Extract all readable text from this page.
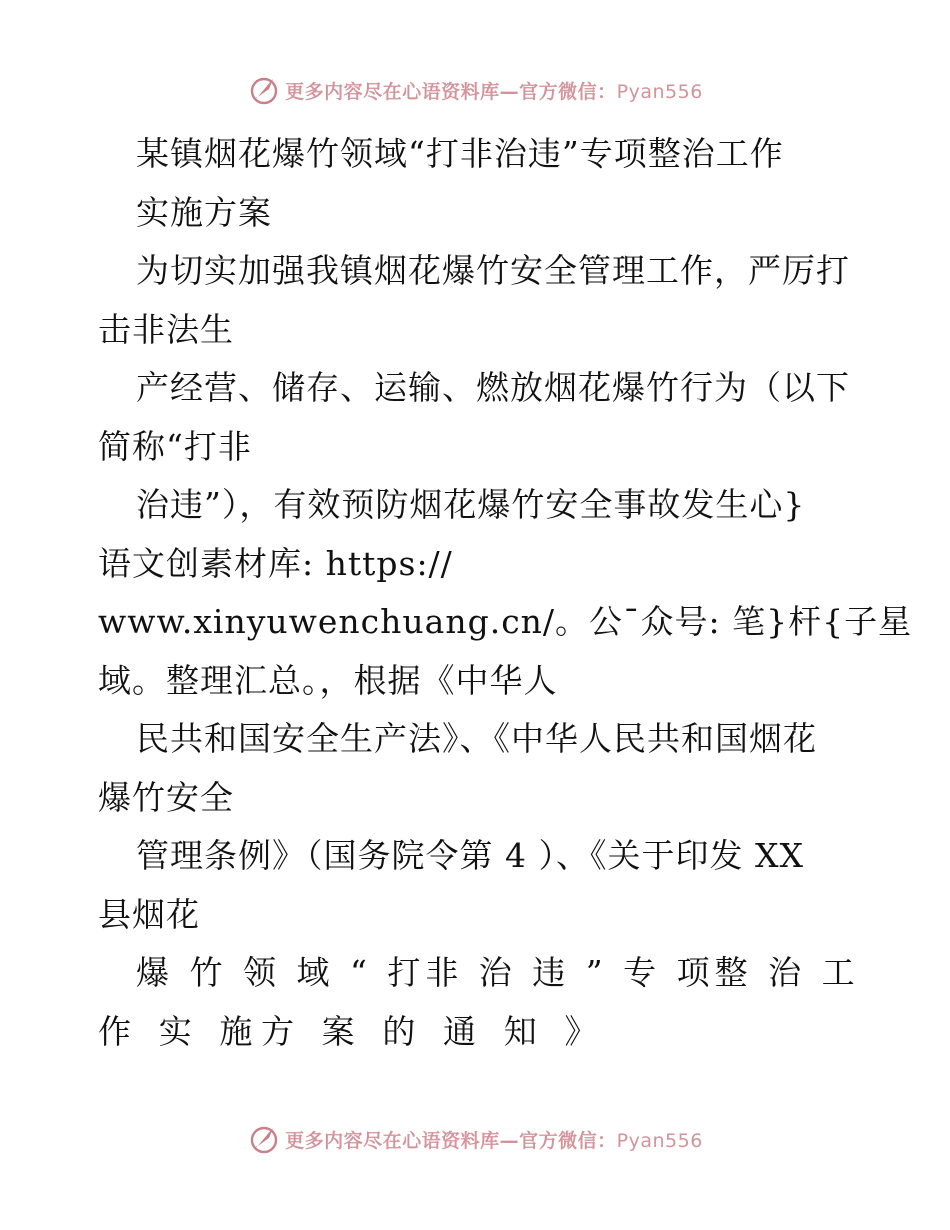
更多内容尽在心语资料库—官方微信：Pyan556
某镇烟花爆竹领域“打非治违”专项整治工作
实施方案
为切实加强我镇烟花爆竹安全管理工作，严厉打
击非法生
产经营、储存、运输、燃放烟花爆竹行为（以下
简称“打非
治违”），有效预防烟花爆竹安全事故发生心}
语文创素材库: https://
www.xinyuwenchuang.cn/。公¯众号: 笔}杆{子星
域。整理汇总。，根据《中华人
民共和国安全生产法》、《中华人民共和国烟花
爆竹安全
管理条例》（国务院令第 4 ）、《关于印发 XX
县烟花
爆 竹 领 域 “ 打非 治 违 ” 专 项整 治 工
作 实 施方 案 的 通 知 》
更多内容尽在心语资料库—官方微信：Pyan556
